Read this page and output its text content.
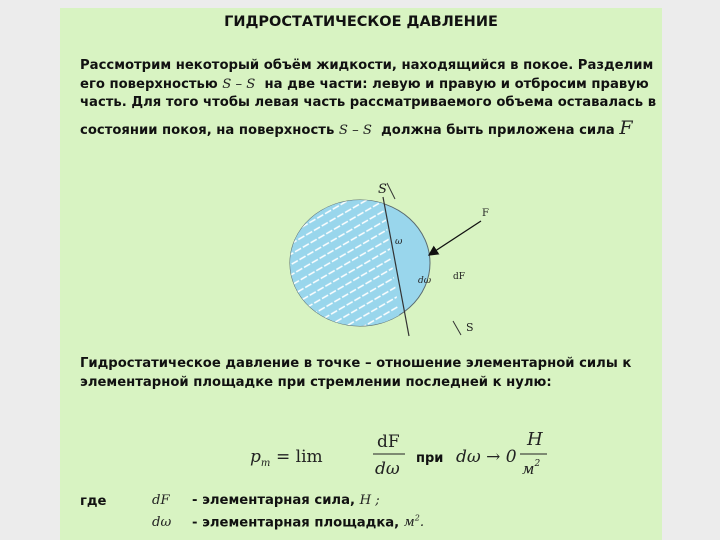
ГИДРОСТАТИЧЕСКОЕ ДАВЛЕНИЕ
Рассмотрим некоторый объём жидкости, находящийся в покое. Разделим
его поверхностью S – S на две части: левую и правую и отбросим правую
часть. Для того чтобы левая часть рассматриваемого объема оставалась в
состоянии покоя, на поверхность S – S должна быть приложена сила F
S
S
F
ω
dω dF
Гидростатическое давление в точке – отношение элементарной силы к
элементарной площадке при стремлении последней к нулю:
$p_m = \lim$
dF
dω
при dω → 0
H
$м^2$
где	dF - элементарная сила, H ;
dω - элементарная площадка, $м^2$.
